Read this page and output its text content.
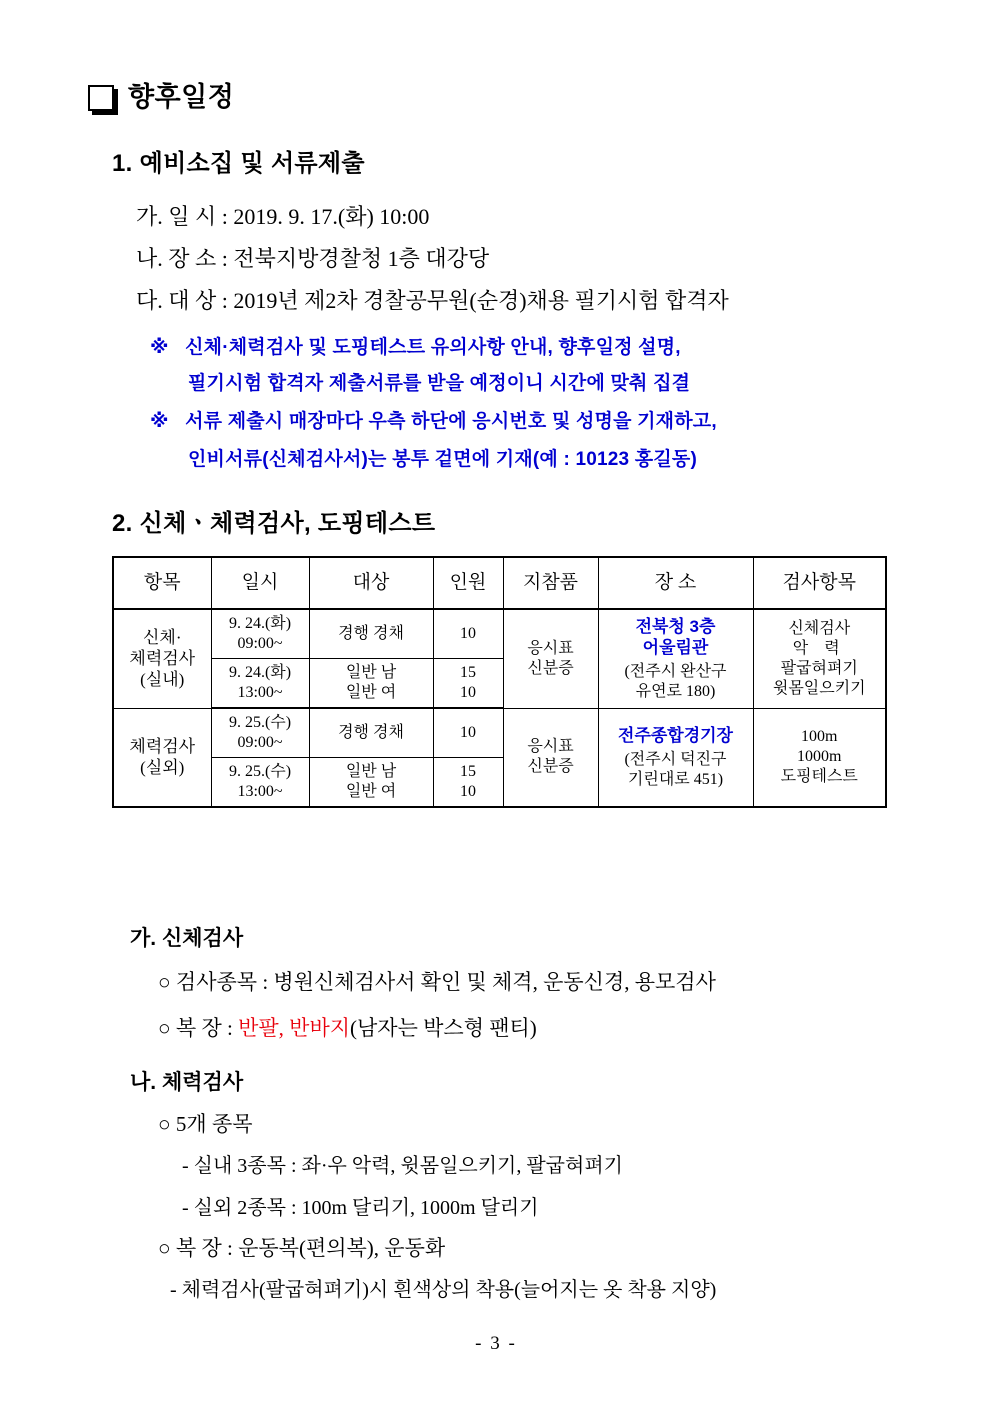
향후일정
1. 예비소집 및 서류제출
가. 일 시 : 2019. 9. 17.(화) 10:00
나. 장 소 : 전북지방경찰청 1층 대강당
다. 대 상 : 2019년 제2차 경찰공무원(순경)채용 필기시험 합격자
※ 신체·체력검사 및 도핑테스트 유의사항 안내, 향후일정 설명,
필기시험 합격자 제출서류를 받을 예정이니 시간에 맞춰 집결
※ 서류 제출시 매장마다 우측 하단에 응시번호 및 성명을 기재하고,
인비서류(신체검사서)는 봉투 겉면에 기재(예 : 10123 홍길동)
2. 신체ㆍ체력검사, 도핑테스트
항목	일시	대상	인원	지참품	장 소	검사항목

신체·
체력검사
(실내)	9. 24.(화)
09:00~	경행 경채	10	응시표
신분증	전북청 3층
어울림관
(전주시 완산구
유연로 180)	신체검사
악 력
팔굽혀펴기
윗몸일으키기

	9. 24.(화)
13:00~	일반 남
일반 여	15
10			

체력검사
(실외)	9. 25.(수)
09:00~	경행 경채	10	응시표
신분증	전주종합경기장
(전주시 덕진구
기린대로 451)	100m
1000m
도핑테스트

	9. 25.(수)
13:00~	일반 남
일반 여	15
10			
가. 신체검사
○ 검사종목 : 병원신체검사서 확인 및 체격, 운동신경, 용모검사
○ 복 장 : 반팔, 반바지(남자는 박스형 팬티)
나. 체력검사
○ 5개 종목
- 실내 3종목 : 좌·우 악력, 윗몸일으키기, 팔굽혀펴기
- 실외 2종목 : 100m 달리기, 1000m 달리기
○ 복 장 : 운동복(편의복), 운동화
- 체력검사(팔굽혀펴기)시 흰색상의 착용(늘어지는 옷 착용 지양)
- 3 -
